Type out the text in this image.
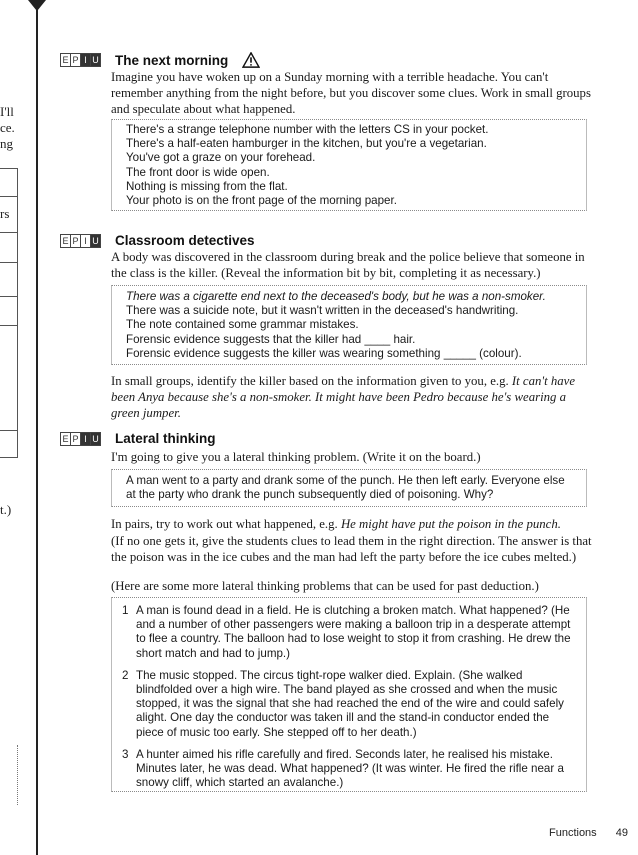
I'll
ce.
ng
rs
t.)
E P I U The next morning
Imagine you have woken up on a Sunday morning with a terrible headache. You can't remember anything from the night before, but you discover some clues. Work in small groups and speculate about what happened.
There's a strange telephone number with the letters CS in your pocket.
There's a half-eaten hamburger in the kitchen, but you're a vegetarian.
You've got a graze on your forehead.
The front door is wide open.
Nothing is missing from the flat.
Your photo is on the front page of the morning paper.
E P I U Classroom detectives
A body was discovered in the classroom during break and the police believe that someone in the class is the killer. (Reveal the information bit by bit, completing it as necessary.)
There was a cigarette end next to the deceased's body, but he was a non-smoker.
There was a suicide note, but it wasn't written in the deceased's handwriting.
The note contained some grammar mistakes.
Forensic evidence suggests that the killer had ____ hair.
Forensic evidence suggests the killer was wearing something _____ (colour).
In small groups, identify the killer based on the information given to you, e.g. It can't have been Anya because she's a non-smoker. It might have been Pedro because he's wearing a green jumper.
E P I U Lateral thinking
I'm going to give you a lateral thinking problem. (Write it on the board.)
A man went to a party and drank some of the punch. He then left early. Everyone else at the party who drank the punch subsequently died of poisoning. Why?
In pairs, try to work out what happened, e.g. He might have put the poison in the punch.
(If no one gets it, give the students clues to lead them in the right direction. The answer is that the poison was in the ice cubes and the man had left the party before the ice cubes melted.)
(Here are some more lateral thinking problems that can be used for past deduction.)
1 A man is found dead in a field. He is clutching a broken match. What happened? (He and a number of other passengers were making a balloon trip in a desperate attempt to flee a country. The balloon had to lose weight to stop it from crashing. He drew the short match and had to jump.)
2 The music stopped. The circus tight-rope walker died. Explain. (She walked blindfolded over a high wire. The band played as she crossed and when the music stopped, it was the signal that she had reached the end of the wire and could safely alight. One day the conductor was taken ill and the stand-in conductor ended the piece of music too early. She stepped off to her death.)
3 A hunter aimed his rifle carefully and fired. Seconds later, he realised his mistake. Minutes later, he was dead. What happened? (It was winter. He fired the rifle near a snowy cliff, which started an avalanche.)
Functions 49
